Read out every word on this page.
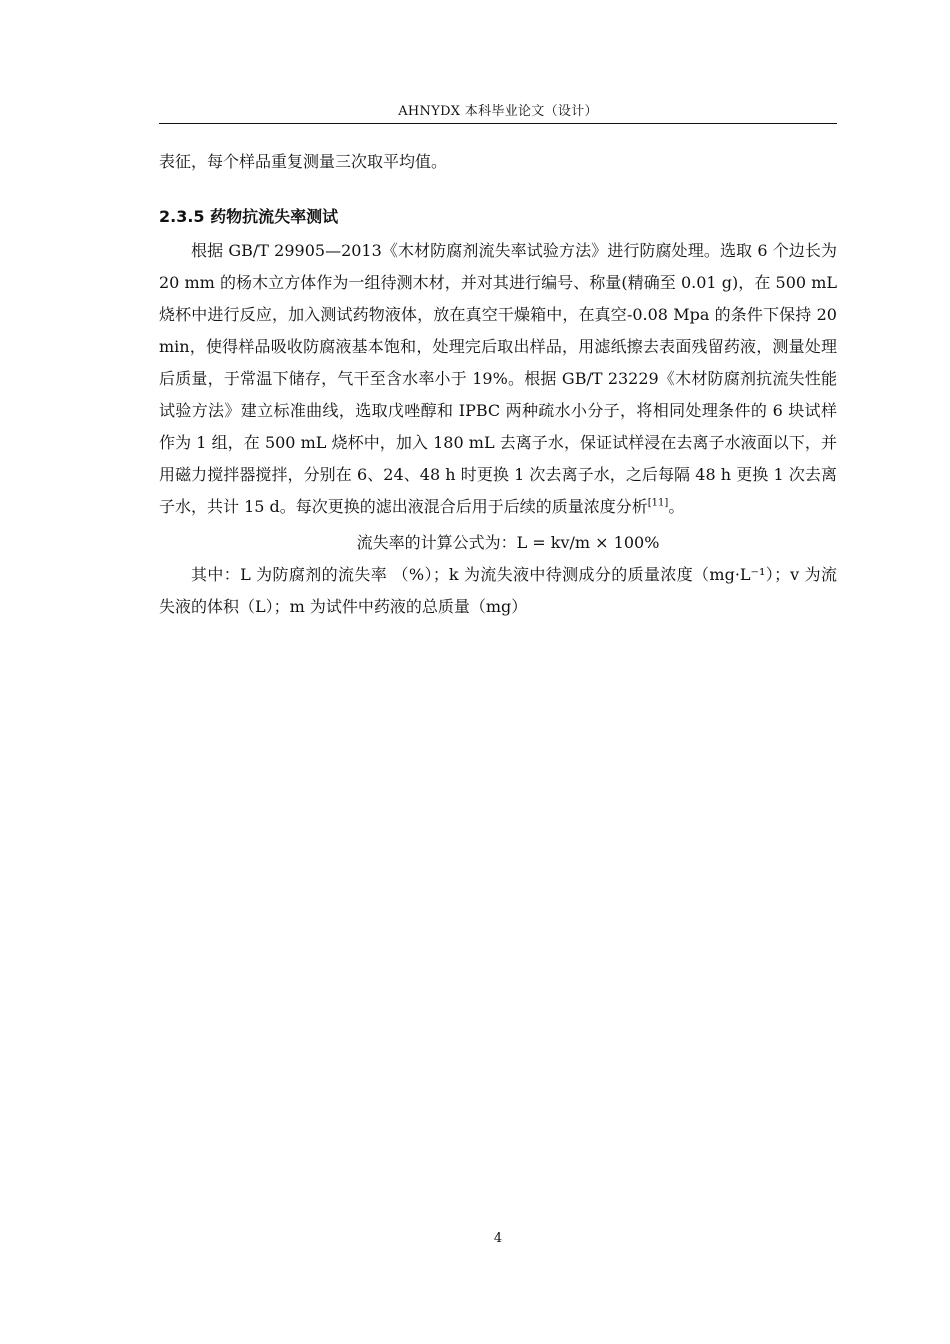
AHNYDX 本科毕业论文（设计）

表征，每个样品重复测量三次取平均值。

2.3.5 药物抗流失率测试

根据 GB/T 29905—2013《木材防腐剂流失率试验方法》进行防腐处理。选取 6 个边长为 20 mm 的杨木立方体作为一组待测木材，并对其进行编号、称量(精确至 0.01 g)，在 500 mL 烧杯中进行反应，加入测试药物液体，放在真空干燥箱中，在真空-0.08 Mpa 的条件下保持 20 min，使得样品吸收防腐液基本饱和，处理完后取出样品，用滤纸擦去表面残留药液，测量处理后质量，于常温下储存，气干至含水率小于 19%。根据 GB/T 23229《木材防腐剂抗流失性能试验方法》建立标准曲线，选取戊唑醇和 IPBC 两种疏水小分子，将相同处理条件的 6 块试样作为 1 组，在 500 mL 烧杯中，加入 180 mL 去离子水，保证试样浸在去离子水液面以下，并用磁力搅拌器搅拌，分别在 6、24、48 h 时更换 1 次去离子水，之后每隔 48 h 更换 1 次去离子水，共计 15 d。每次更换的滤出液混合后用于后续的质量浓度分析[11]。

流失率的计算公式为：L = kv/m × 100%

其中：L 为防腐剂的流失率 （%）；k 为流失液中待测成分的质量浓度（mg·L⁻¹）；v 为流失液的体积（L）；m 为试件中药液的总质量（mg）

4
